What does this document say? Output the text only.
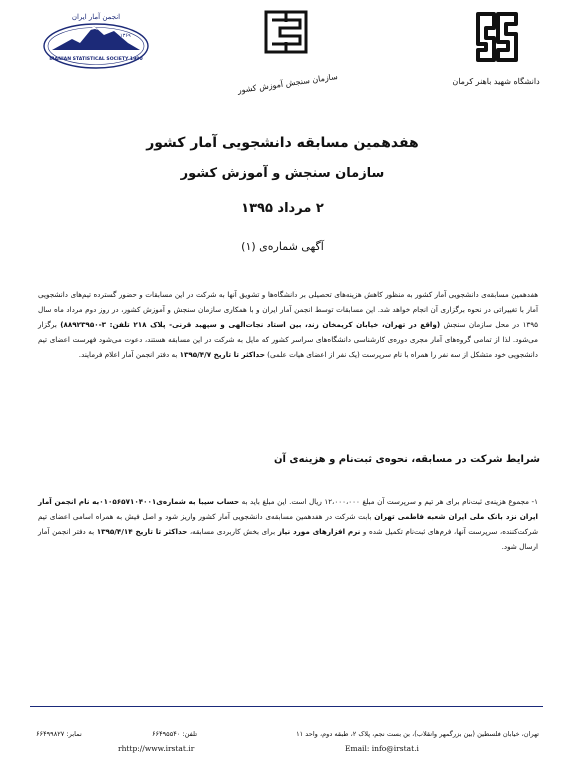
انجمن آمار ایران
۱۳۶۹
IRANIAN STATISTICAL SOCIETY 1990
سازمان سنجش آموزش کشور	دانشگاه شهید باهنر کرمان
هفدهمین مسابقه دانشجویی آمار کشور
سازمان سنجش و آموزش کشور
۲ مرداد ۱۳۹۵
آگهی شماره‌ی (۱)

هفدهمین مسابقه‌ی دانشجویی آمار کشور به منظور کاهش هزینه‌های تحصیلی بر دانشگاه‌ها و تشویق آنها به شرکت در این مسابقات و حضور گسترده تیم‌های دانشجویی آمار با تغییراتی در نحوه برگزاری آن انجام خواهد شد. این مسابقات توسط انجمن آمار ایران و با همکاری سازمان سنجش و آموزش کشور، در روز دوم مرداد ماه سال ۱۳۹۵ در محل سازمان سنجش (واقع در تهران، خیابان کریمخان زند، بین استاد نجات‌الهی و سپهبد قرنی- پلاک ۲۱۸ تلفن: ۳-۸۸۹۲۳۹۵۰) برگزار می‌شود. لذا از تمامی گروه‌های آمار مجری دوره‌ی کارشناسی دانشگاه‌های سراسر کشور که مایل به شرکت در این مسابقه هستند، دعوت می‌شود فهرست اعضای تیم دانشجویی خود متشکل از سه نفر را همراه با نام سرپرست (یک نفر از اعضای هیات علمی) حداکثر تا تاریخ ۱۳۹۵/۴/۷ به دفتر انجمن آمار اعلام فرمایند.

شرایط شرکت در مسابقه، نحوه‌ی ثبت‌نام و هزینه‌ی آن

۱- مجموع هزینه‌ی ثبت‌نام برای هر تیم و سرپرست آن مبلغ ۱۲،۰۰۰،۰۰۰ ریال است. این مبلغ باید به حساب سیبا به شماره‌ی۰۱۰۵۶۵۷۱۰۴۰۰۱به نام انجمن آمار ایران نزد بانک ملی ایران شعبه فاطمی تهران بابت شرکت در هفدهمین مسابقه‌ی دانشجویی آمار کشور واریز شود و اصل فیش به همراه اسامی اعضای تیم شرکت‌کننده، سرپرست آنها، فرم‌های ثبت‌نام تکمیل شده و نرم افزارهای مورد نیاز برای بخش کاربردی مسابقه، حداکثر تا تاریخ ۱۳۹۵/۴/۱۴ به دفتر انجمن آمار ارسال شود.

تهران، خیابان فلسطین (بین بزرگمهر وانقلاب)، بن بست نجم، پلاک ۲، طبقه دوم، واحد ۱۱
تلفن: ۶۶۴۹۵۵۴۰
نمابر: ۶۶۴۹۹۸۲۷
rhttp://www.irstat.ir	Email: info@irstat.i
